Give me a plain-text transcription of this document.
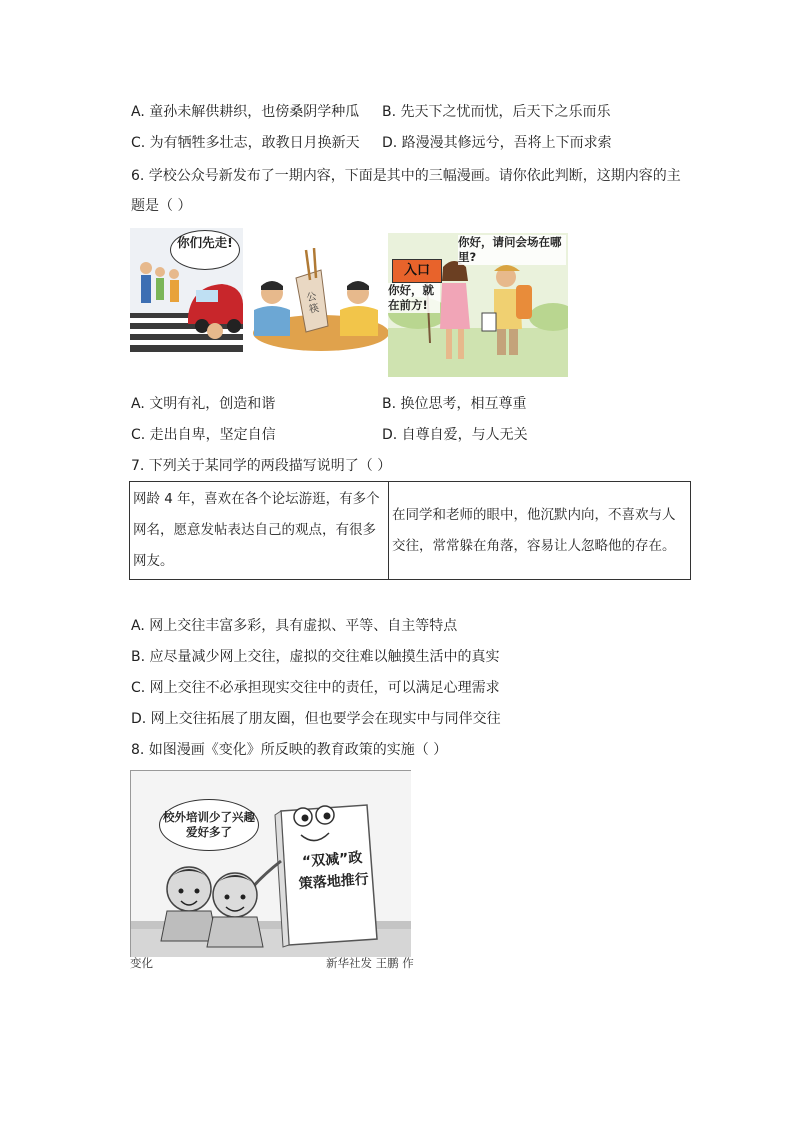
A. 童孙未解供耕织，也傍桑阴学种瓜 B. 先天下之忧而忧，后天下之乐而乐
C. 为有牺牲多壮志，敢教日月换新天 D. 路漫漫其修远兮，吾将上下而求索
6. 学校公众号新发布了一期内容，下面是其中的三幅漫画。请你依此判断，这期内容的主
题是（ ）
你们先走!
公筷
入口
你好，就在前方!
你好，请问会场在哪里?
A. 文明有礼，创造和谐	B. 换位思考，相互尊重
C. 走出自卑，坚定自信	D. 自尊自爱，与人无关
7. 下列关于某同学的两段描写说明了（ ）
网龄 4 年，喜欢在各个论坛游逛，有多个网名，愿意发帖表达自己的观点，有很多网友。	在同学和老师的眼中，他沉默内向，不喜欢与人交往，常常躲在角落，容易让人忽略他的存在。
A. 网上交往丰富多彩，具有虚拟、平等、自主等特点
B. 应尽量减少网上交往，虚拟的交往难以触摸生活中的真实
C. 网上交往不必承担现实交往中的责任，可以满足心理需求
D. 网上交往拓展了朋友圈，但也要学会在现实中与同伴交往
8. 如图漫画《变化》所反映的教育政策的实施（ ）
校外培训少了兴趣爱好多了
“双减”政策落地推行
变化	新华社发 王鹏 作
